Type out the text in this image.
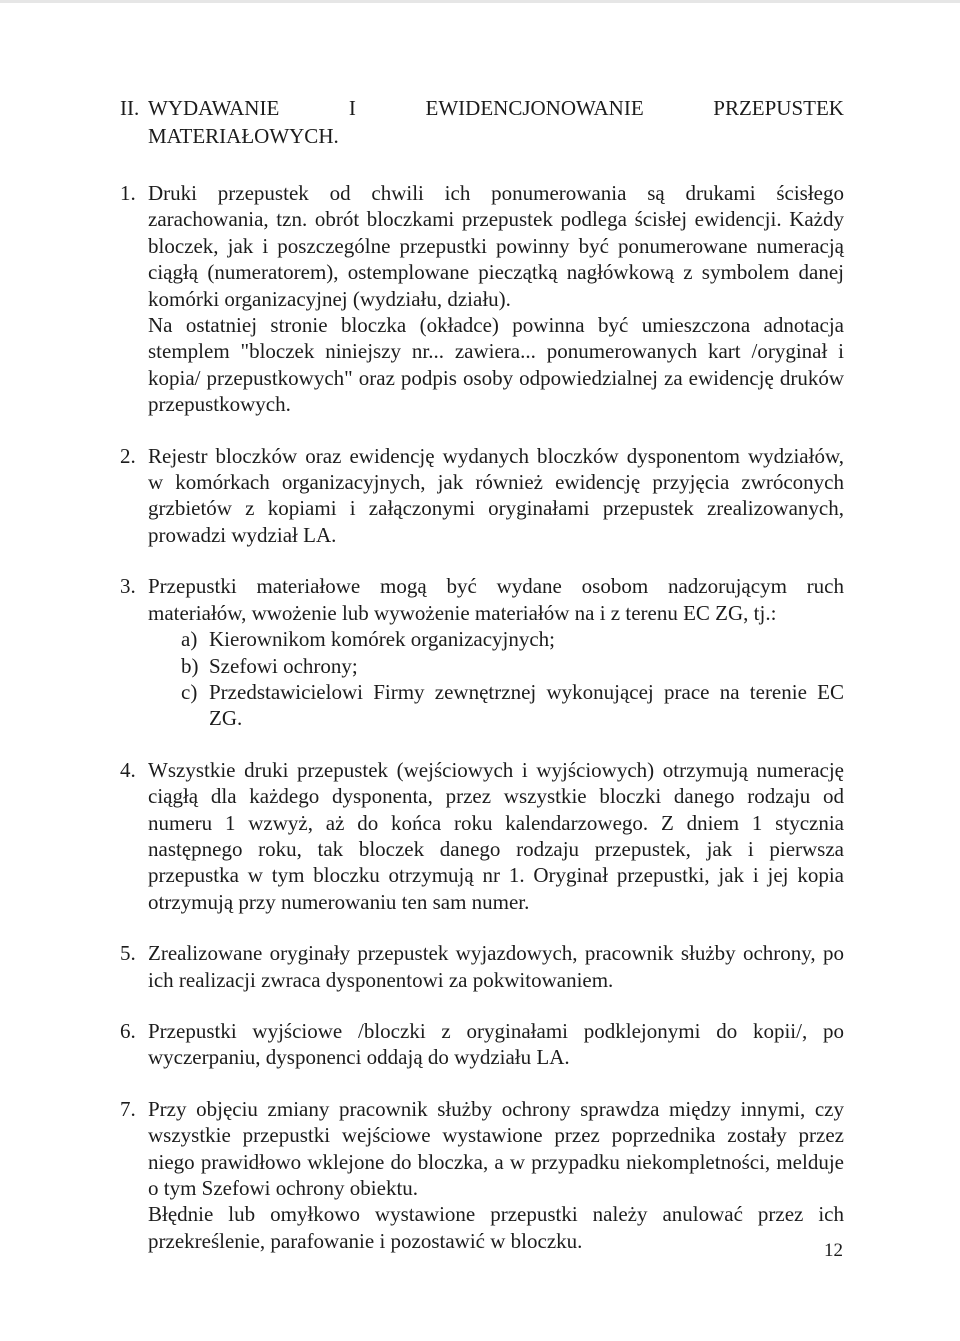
II. WYDAWANIE	I	EWIDENCJONOWANIE	PRZEPUSTEK
MATERIAŁOWYCH.
1. Druki przepustek od chwili ich ponumerowania są drukami ścisłego zarachowania, tzn. obrót bloczkami przepustek podlega ścisłej ewidencji. Każdy bloczek, jak i poszczególne przepustki powinny być ponumerowane numeracją ciągłą (numeratorem), ostemplowane pieczątką nagłówkową z symbolem danej komórki organizacyjnej (wydziału, działu).

Na ostatniej stronie bloczka (okładce) powinna być umieszczona adnotacja stemplem "bloczek niniejszy nr... zawiera... ponumerowanych kart /oryginał i kopia/ przepustkowych" oraz podpis osoby odpowiedzialnej za ewidencję druków przepustkowych.

2. Rejestr bloczków oraz ewidencję wydanych bloczków dysponentom wydziałów, w komórkach organizacyjnych, jak również ewidencję przyjęcia zwróconych grzbietów z kopiami i załączonymi oryginałami przepustek zrealizowanych, prowadzi wydział LA.

3. Przepustki materiałowe mogą być wydane osobom nadzorującym ruch materiałów, wwożenie lub wywożenie materiałów na i z terenu EC ZG, tj.:

a) Kierownikom komórek organizacyjnych;
b) Szefowi ochrony;
c) Przedstawicielowi Firmy zewnętrznej wykonującej prace na terenie EC ZG.
4. Wszystkie druki przepustek (wejściowych i wyjściowych) otrzymują numerację ciągłą dla każdego dysponenta, przez wszystkie bloczki danego rodzaju od numeru 1 wzwyż, aż do końca roku kalendarzowego. Z dniem 1 stycznia następnego roku, tak bloczek danego rodzaju przepustek, jak i pierwsza przepustka w tym bloczku otrzymują nr 1. Oryginał przepustki, jak i jej kopia otrzymują przy numerowaniu ten sam numer.

5. Zrealizowane oryginały przepustek wyjazdowych, pracownik służby ochrony, po ich realizacji zwraca dysponentowi za pokwitowaniem.

6. Przepustki wyjściowe /bloczki z oryginałami podklejonymi do kopii/, po wyczerpaniu, dysponenci oddają do wydziału LA.

7. Przy objęciu zmiany pracownik służby ochrony sprawdza między innymi, czy wszystkie przepustki wejściowe wystawione przez poprzednika zostały przez niego prawidłowo wklejone do bloczka, a w przypadku niekompletności, melduje o tym Szefowi ochrony obiektu.

Błędnie lub omyłkowo wystawione przepustki należy anulować przez ich przekreślenie, parafowanie i pozostawić w bloczku.	12
